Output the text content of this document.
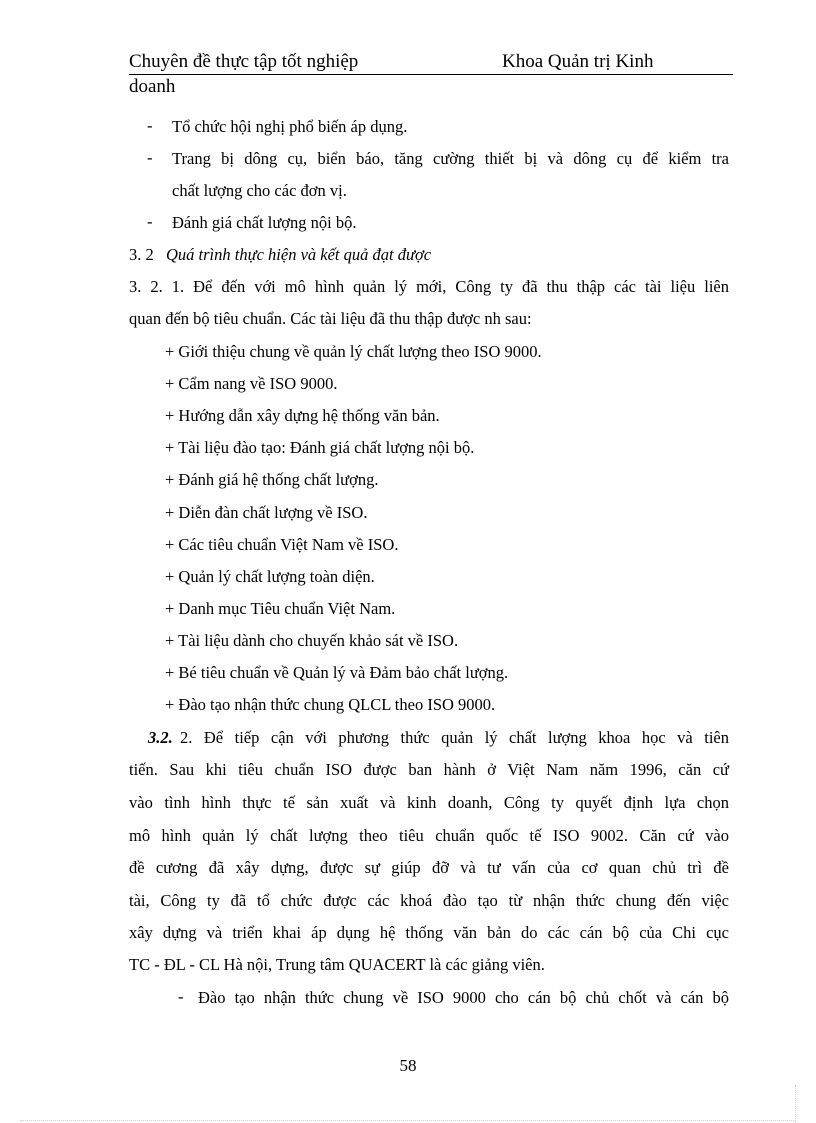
Chuyên đề thực tập tốt nghiệp	Khoa Quản trị Kinh
doanh
- Tổ chức hội nghị phổ biến áp dụng.
- Trang bị dông cụ, biển báo, tăng cường thiết bị và dông cụ để kiểm tra
chất lượng cho các đơn vị.
- Đánh giá chất lượng nội bộ.
3. 2 Quá trình thực hiện và kết quả đạt được
3. 2. 1. Để đến với mô hình quản lý mới, Công ty đã thu thập các tài liệu liên
quan đến bộ tiêu chuẩn. Các tài liệu đã thu thập được nh sau:
+ Giới thiệu chung về quản lý chất lượng theo ISO 9000.
+ Cẩm nang về ISO 9000.
+ Hướng dẫn xây dựng hệ thống văn bản.
+ Tài liệu đào tạo: Đánh giá chất lượng nội bộ.
+ Đánh giá hệ thống chất lượng.
+ Diễn đàn chất lượng về ISO.
+ Các tiêu chuẩn Việt Nam về ISO.
+ Quản lý chất lượng toàn diện.
+ Danh mục Tiêu chuẩn Việt Nam.
+ Tài liệu dành cho chuyến khảo sát về ISO.
+ Bé tiêu chuẩn về Quản lý và Đảm bảo chất lượng.
+ Đào tạo nhận thức chung QLCL theo ISO 9000.
3.2. 2. Để tiếp cận với phương thức quản lý chất lượng khoa học và tiên
tiến. Sau khi tiêu chuẩn ISO được ban hành ở Việt Nam năm 1996, căn cứ
vào tình hình thực tế sản xuất và kinh doanh, Công ty quyết định lựa chọn
mô hình quản lý chất lượng theo tiêu chuẩn quốc tế ISO 9002. Căn cứ vào
đề cương đã xây dựng, được sự giúp đỡ và tư vấn của cơ quan chủ trì đề
tài, Công ty đã tổ chức được các khoá đào tạo từ nhận thức chung đến việc
xây dựng và triển khai áp dụng hệ thống văn bản do các cán bộ của Chi cục
TC - ĐL - CL Hà nội, Trung tâm QUACERT là các giảng viên.
- Đào tạo nhận thức chung về ISO 9000 cho cán bộ chủ chốt và cán bộ
58
